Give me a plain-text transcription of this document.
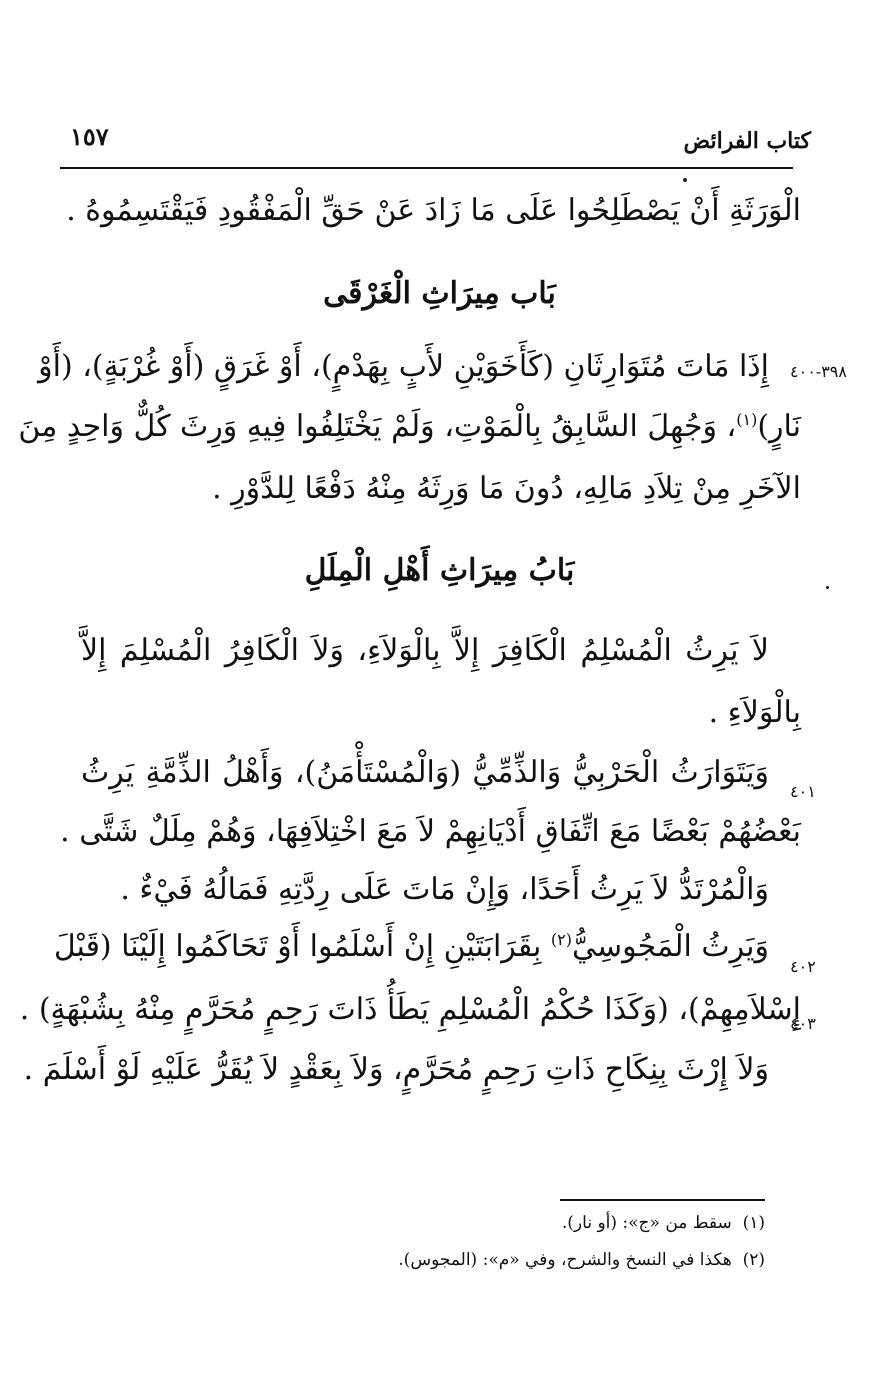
١٥٧	كتاب الفرائض
الْوَرَثَةِ أَنْ يَصْطَلِحُوا عَلَى مَا زَادَ عَنْ حَقِّ الْمَفْقُودِ فَيَقْتَسِمُوهُ .
بَاب مِيرَاثِ الْغَرْقَى
٣٩٨-٤٠٠
إِذَا مَاتَ مُتَوَارِثَانِ (كَأَخَوَيْنِ لأَبٍ بِهَدْمٍ)، أَوْ غَرَقٍ (أَوْ غُرْبَةٍ)، (أَوْ
نَارٍ)$^{(١)}$، وَجُهِلَ السَّابِقُ بِالْمَوْتِ، وَلَمْ يَخْتَلِفُوا فِيهِ وَرِثَ كُلٌّ وَاحِدٍ مِنَ
الآخَرِ مِنْ تِلاَدِ مَالِهِ، دُونَ مَا وَرِثَهُ مِنْهُ دَفْعًا لِلدَّوْرِ .
بَابُ مِيرَاثِ أَهْلِ الْمِلَلِ
لاَ يَرِثُ الْمُسْلِمُ الْكَافِرَ إِلاَّ بِالْوَلاَءِ، وَلاَ الْكَافِرُ الْمُسْلِمَ إِلاَّ
بِالْوَلاَءِ .
٤٠١
وَيَتَوَارَثُ الْحَرْبِيُّ وَالذِّمِّيُّ (وَالْمُسْتَأْمَنُ)، وَأَهْلُ الذِّمَّةِ يَرِثُ
بَعْضُهُمْ بَعْضًا مَعَ اتِّفَاقِ أَدْيَانِهِمْ لاَ مَعَ اخْتِلاَفِهَا، وَهُمْ مِلَلٌ شَتَّى .
وَالْمُرْتَدُّ لاَ يَرِثُ أَحَدًا، وَإِنْ مَاتَ عَلَى رِدَّتِهِ فَمَالُهُ فَيْءٌ .
٤٠٢
وَيَرِثُ الْمَجُوسِيُّ$^{(٢)}$ بِقَرَابَتَيْنِ إِنْ أَسْلَمُوا أَوْ تَحَاكَمُوا إِلَيْنَا (قَبْلَ
٤٠٣
إِسْلاَمِهِمْ)، (وَكَذَا حُكْمُ الْمُسْلِمِ يَطَأُ ذَاتَ رَحِمٍ مُحَرَّمٍ مِنْهُ بِشُبْهَةٍ) .
وَلاَ إِرْثَ بِنِكَاحِ ذَاتِ رَحِمٍ مُحَرَّمٍ، وَلاَ بِعَقْدٍ لاَ يُقَرُّ عَلَيْهِ لَوْ أَسْلَمَ .
(١)  سقط من «ج»: (أو نار).
(٢)  هكذا في النسخ والشرح، وفي «م»: (المجوس).
